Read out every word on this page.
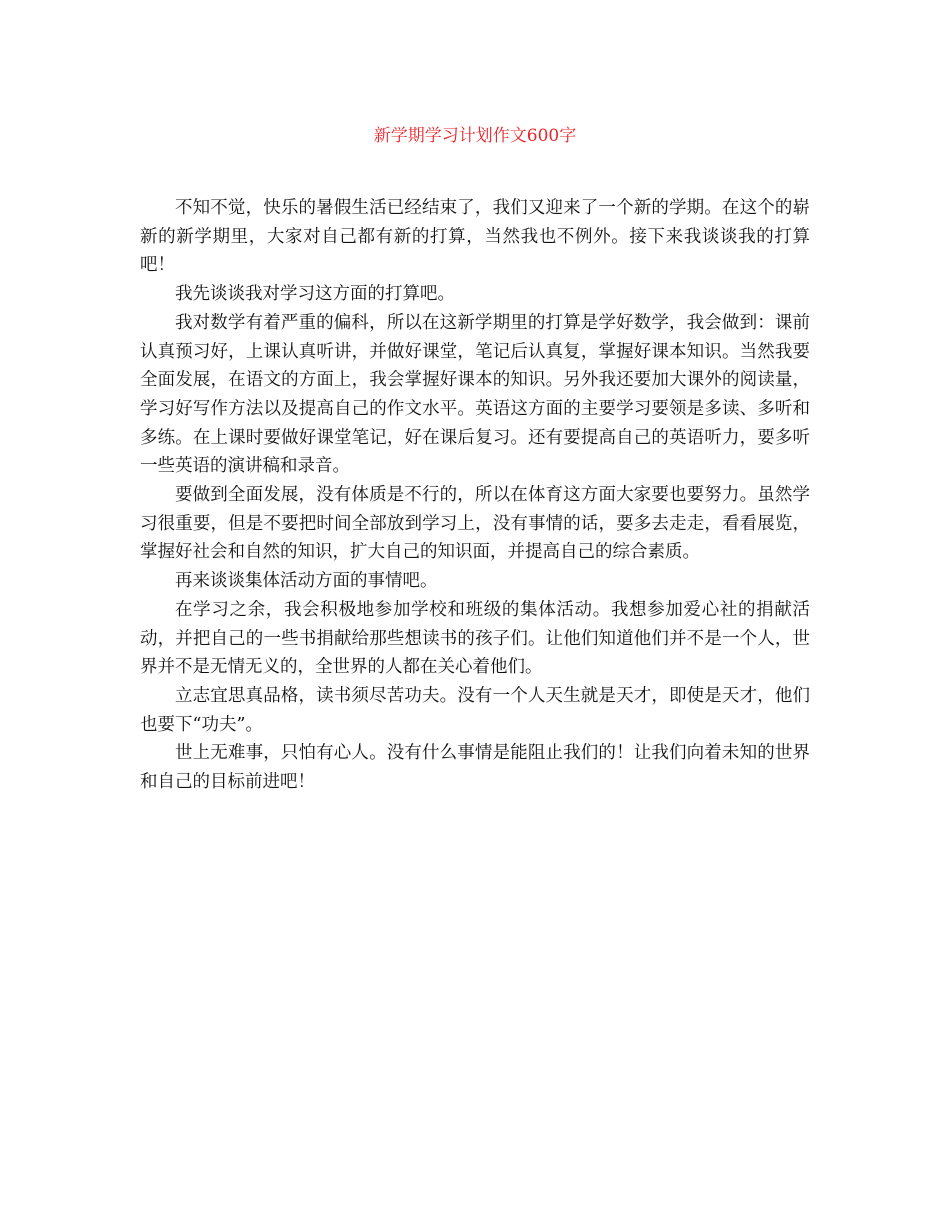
新学期学习计划作文600字

不知不觉，快乐的暑假生活已经结束了，我们又迎来了一个新的学期。在这个的崭新的新学期里，大家对自己都有新的打算，当然我也不例外。接下来我谈谈我的打算吧！

我先谈谈我对学习这方面的打算吧。

我对数学有着严重的偏科，所以在这新学期里的打算是学好数学，我会做到：课前认真预习好，上课认真听讲，并做好课堂，笔记后认真复，掌握好课本知识。当然我要全面发展，在语文的方面上，我会掌握好课本的知识。另外我还要加大课外的阅读量，学习好写作方法以及提高自己的作文水平。英语这方面的主要学习要领是多读、多听和多练。在上课时要做好课堂笔记，好在课后复习。还有要提高自己的英语听力，要多听一些英语的演讲稿和录音。

要做到全面发展，没有体质是不行的，所以在体育这方面大家要也要努力。虽然学习很重要，但是不要把时间全部放到学习上，没有事情的话，要多去走走，看看展览，掌握好社会和自然的知识，扩大自己的知识面，并提高自己的综合素质。

再来谈谈集体活动方面的事情吧。

在学习之余，我会积极地参加学校和班级的集体活动。我想参加爱心社的捐献活动，并把自己的一些书捐献给那些想读书的孩子们。让他们知道他们并不是一个人，世界并不是无情无义的，全世界的人都在关心着他们。

立志宜思真品格，读书须尽苦功夫。没有一个人天生就是天才，即使是天才，他们也要下“功夫”。

世上无难事，只怕有心人。没有什么事情是能阻止我们的！让我们向着未知的世界和自己的目标前进吧！
